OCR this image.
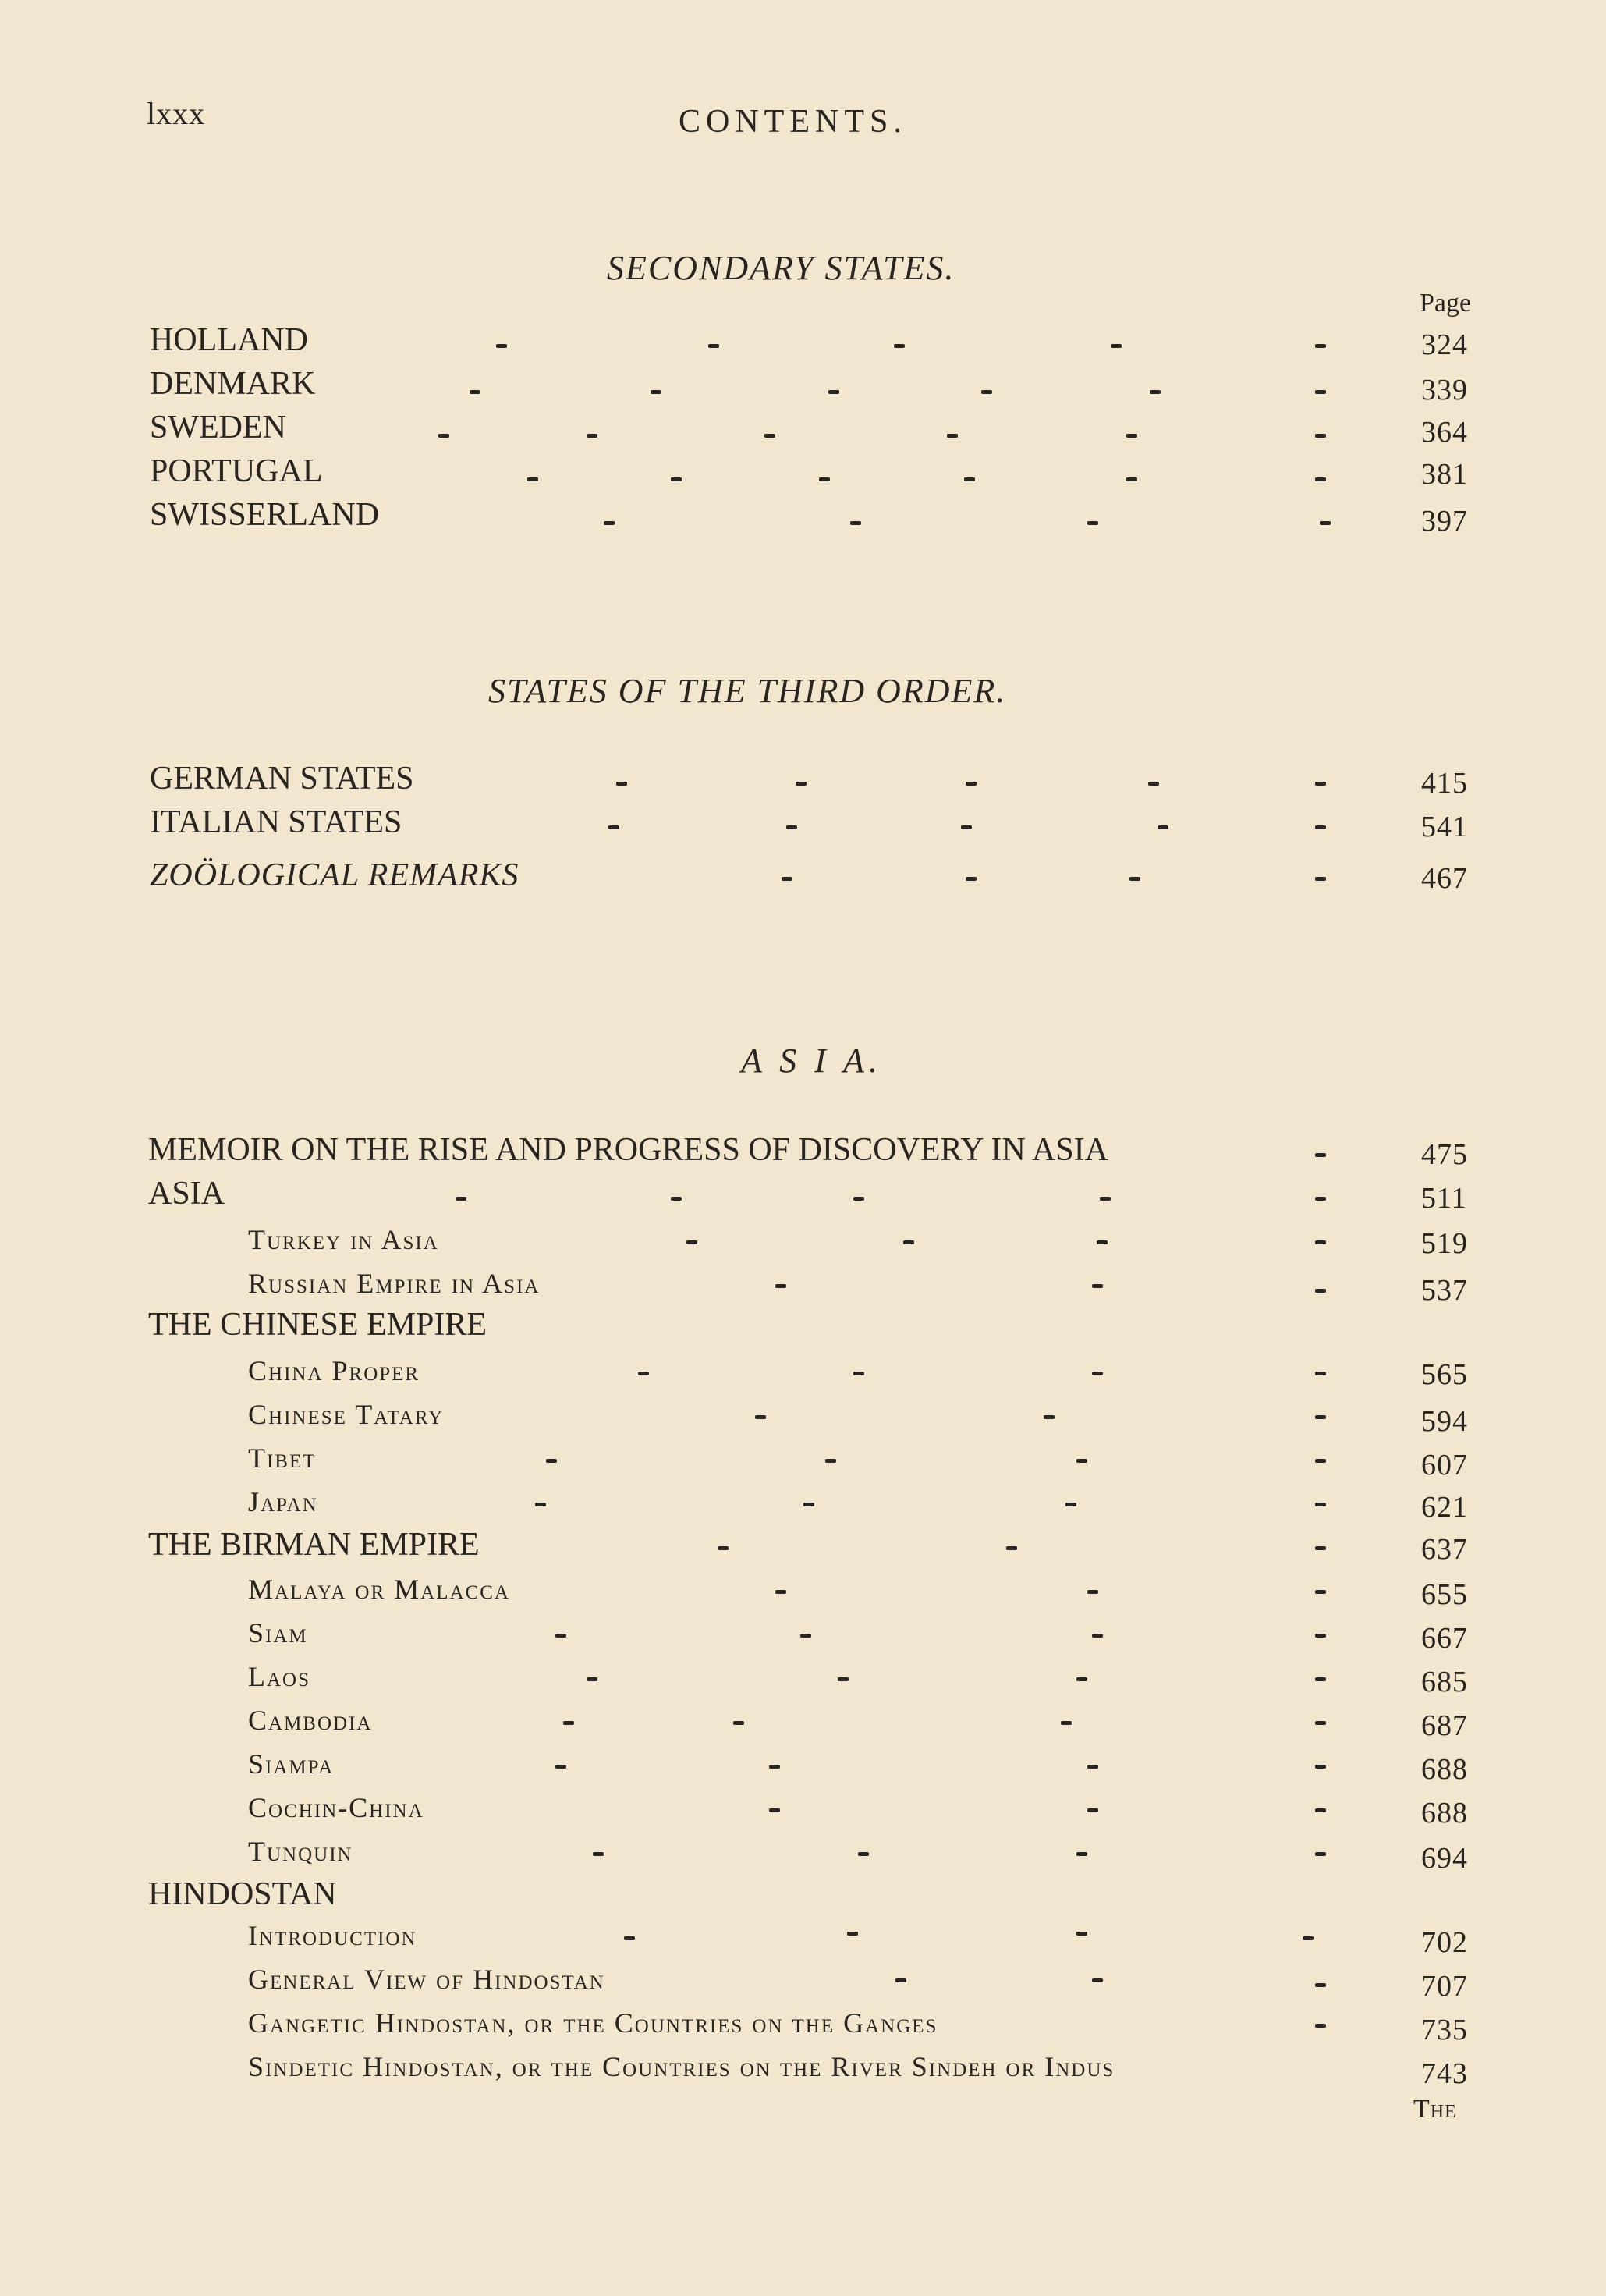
lxxx	CONTENTS.
SECONDARY STATES.
Page
HOLLAND	324
DENMARK	339
SWEDEN	364
PORTUGAL	381
SWISSERLAND	397
STATES OF THE THIRD ORDER.
GERMAN STATES	415
ITALIAN STATES	541
ZOÖLOGICAL REMARKS	467
A S I A.
MEMOIR ON THE RISE AND PROGRESS OF DISCOVERY IN ASIA	475
ASIA	511
Turkey in Asia	519
Russian Empire in Asia	537
THE CHINESE EMPIRE
China Proper	565
Chinese Tatary	594
Tibet	607
Japan	621
THE BIRMAN EMPIRE	637
Malaya or Malacca	655
Siam	667
Laos	685
Cambodia	687
Siampa	688
Cochin-China	688
Tunquin	694
HINDOSTAN
Introduction	702
General View of Hindostan	707
Gangetic Hindostan, or the Countries on the Ganges	735
Sindetic Hindostan, or the Countries on the River Sindeh or Indus	743
The
